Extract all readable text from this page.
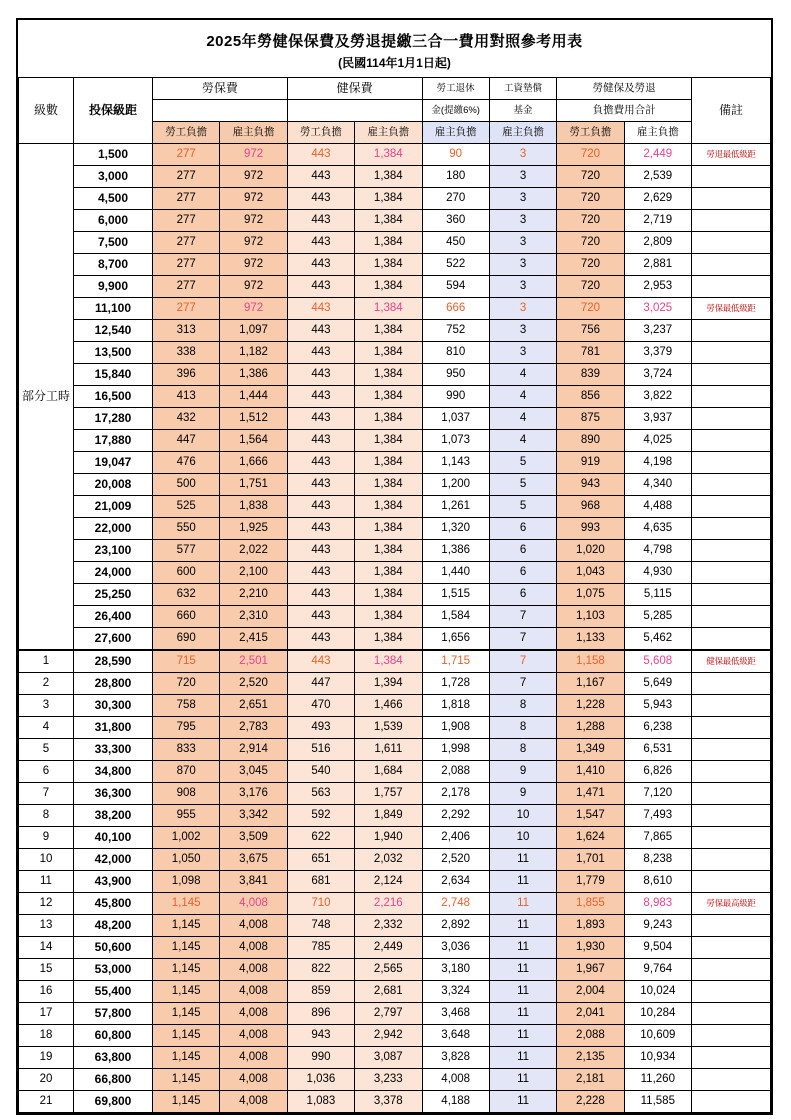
2025年勞健保保費及勞退提繳三合一費用對照參考用表
(民國114年1月1日起)
級數	投保級距	勞保費		健保費		勞工退休	工資墊償	勞健保及勞退		備註
						金(提繳6%)	基金	負擔費用合計		
		勞工負擔	雇主負擔	勞工負擔	雇主負擔	雇主負擔	雇主負擔	勞工負擔	雇主負擔	
部分工時	1,500	277	972	443	1,384	90	3	720	2,449	勞退最低級距
	3,000	277	972	443	1,384	180	3	720	2,539	
	4,500	277	972	443	1,384	270	3	720	2,629	
	6,000	277	972	443	1,384	360	3	720	2,719	
	7,500	277	972	443	1,384	450	3	720	2,809	
	8,700	277	972	443	1,384	522	3	720	2,881	
	9,900	277	972	443	1,384	594	3	720	2,953	
	11,100	277	972	443	1,384	666	3	720	3,025	勞保最低級距
	12,540	313	1,097	443	1,384	752	3	756	3,237	
	13,500	338	1,182	443	1,384	810	3	781	3,379	
	15,840	396	1,386	443	1,384	950	4	839	3,724	
	16,500	413	1,444	443	1,384	990	4	856	3,822	
	17,280	432	1,512	443	1,384	1,037	4	875	3,937	
	17,880	447	1,564	443	1,384	1,073	4	890	4,025	
	19,047	476	1,666	443	1,384	1,143	5	919	4,198	
	20,008	500	1,751	443	1,384	1,200	5	943	4,340	
	21,009	525	1,838	443	1,384	1,261	5	968	4,488	
	22,000	550	1,925	443	1,384	1,320	6	993	4,635	
	23,100	577	2,022	443	1,384	1,386	6	1,020	4,798	
	24,000	600	2,100	443	1,384	1,440	6	1,043	4,930	
	25,250	632	2,210	443	1,384	1,515	6	1,075	5,115	
	26,400	660	2,310	443	1,384	1,584	7	1,103	5,285	
	27,600	690	2,415	443	1,384	1,656	7	1,133	5,462	
1	28,590	715	2,501	443	1,384	1,715	7	1,158	5,608	健保最低級距
2	28,800	720	2,520	447	1,394	1,728	7	1,167	5,649	
3	30,300	758	2,651	470	1,466	1,818	8	1,228	5,943	
4	31,800	795	2,783	493	1,539	1,908	8	1,288	6,238	
5	33,300	833	2,914	516	1,611	1,998	8	1,349	6,531	
6	34,800	870	3,045	540	1,684	2,088	9	1,410	6,826	
7	36,300	908	3,176	563	1,757	2,178	9	1,471	7,120	
8	38,200	955	3,342	592	1,849	2,292	10	1,547	7,493	
9	40,100	1,002	3,509	622	1,940	2,406	10	1,624	7,865	
10	42,000	1,050	3,675	651	2,032	2,520	11	1,701	8,238	
11	43,900	1,098	3,841	681	2,124	2,634	11	1,779	8,610	
12	45,800	1,145	4,008	710	2,216	2,748	11	1,855	8,983	勞保最高級距
13	48,200	1,145	4,008	748	2,332	2,892	11	1,893	9,243	
14	50,600	1,145	4,008	785	2,449	3,036	11	1,930	9,504	
15	53,000	1,145	4,008	822	2,565	3,180	11	1,967	9,764	
16	55,400	1,145	4,008	859	2,681	3,324	11	2,004	10,024	
17	57,800	1,145	4,008	896	2,797	3,468	11	2,041	10,284	
18	60,800	1,145	4,008	943	2,942	3,648	11	2,088	10,609	
19	63,800	1,145	4,008	990	3,087	3,828	11	2,135	10,934	
20	66,800	1,145	4,008	1,036	3,233	4,008	11	2,181	11,260	
21	69,800	1,145	4,008	1,083	3,378	4,188	11	2,228	11,585	
